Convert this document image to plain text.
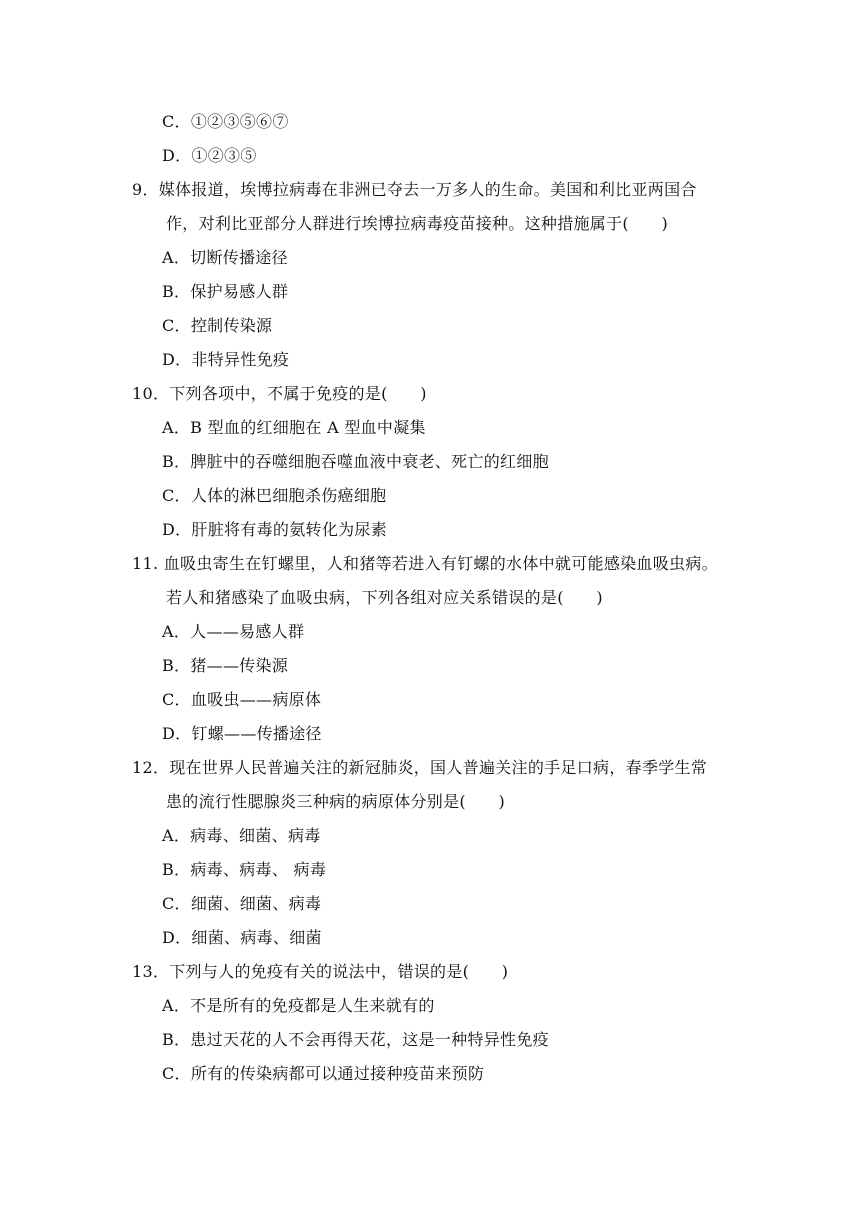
C．①②③⑤⑥⑦
D．①②③⑤
9．媒体报道，埃博拉病毒在非洲已夺去一万多人的生命。美国和利比亚两国合
作，对利比亚部分人群进行埃博拉病毒疫苗接种。这种措施属于(　　)
A．切断传播途径
B．保护易感人群
C．控制传染源
D．非特异性免疫
10．下列各项中，不属于免疫的是(　　)
A．B 型血的红细胞在 A 型血中凝集
B．脾脏中的吞噬细胞吞噬血液中衰老、死亡的红细胞
C．人体的淋巴细胞杀伤癌细胞
D．肝脏将有毒的氨转化为尿素
11. 血吸虫寄生在钉螺里，人和猪等若进入有钉螺的水体中就可能感染血吸虫病。
若人和猪感染了血吸虫病，下列各组对应关系错误的是(　　)
A．人——易感人群
B．猪——传染源
C．血吸虫——病原体
D．钉螺——传播途径
12．现在世界人民普遍关注的新冠肺炎，国人普遍关注的手足口病，春季学生常
患的流行性腮腺炎三种病的病原体分别是(　　)
A．病毒、细菌、病毒
B．病毒、病毒、 病毒
C．细菌、细菌、病毒
D．细菌、病毒、细菌
13．下列与人的免疫有关的说法中，错误的是(　　)
A．不是所有的免疫都是人生来就有的
B．患过天花的人不会再得天花，这是一种特异性免疫
C．所有的传染病都可以通过接种疫苗来预防
